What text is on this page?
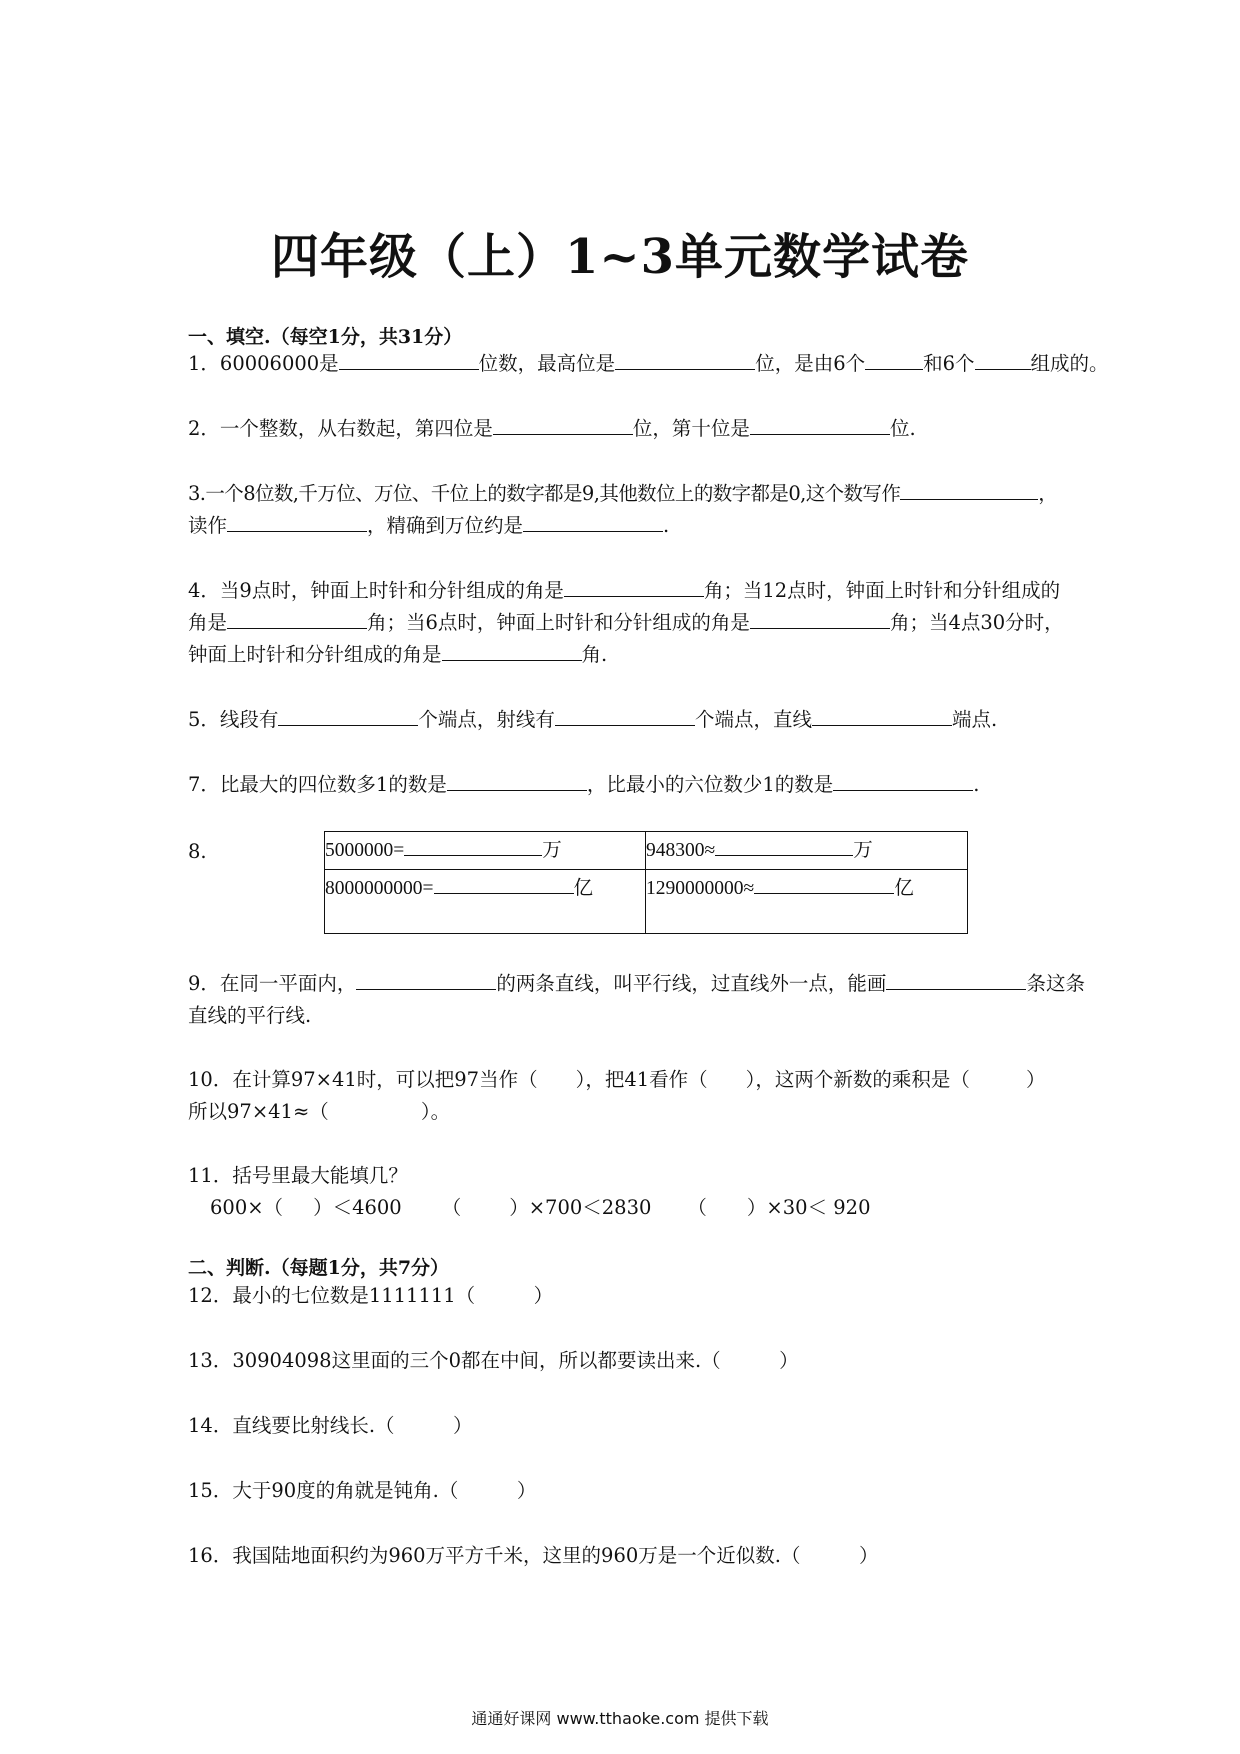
四年级（上）1~3单元数学试卷
一、填空.（每空1分，共31分）
1．60006000是	位数，最高位是	位，是由6个	和6个	组成的。
2．一个整数，从右数起，第四位是	位，第十位是	位.
3.一个8位数,千万位、万位、千位上的数字都是9,其他数位上的数字都是0,这个数写作	，
读作	，精确到万位约是	.
4．当9点时，钟面上时针和分针组成的角是	角；当12点时，钟面上时针和分针组成的
角是	角；当6点时，钟面上时针和分针组成的角是	角；当4点30分时，
钟面上时针和分针组成的角是	角.
5．线段有	个端点，射线有	个端点，直线	端点.
7．比最大的四位数多1的数是	，比最小的六位数少1的数是	.
8.	5000000= 万	948300≈ 万
8000000000= 亿	1290000000≈ 亿
9．在同一平面内，	的两条直线，叫平行线，过直线外一点，能画	条这条
直线的平行线.
10．在计算97×41时，可以把97当作（ ），把41看作（ ），这两个新数的乘积是（	）
所以97×41≈（	）。
11．括号里最大能填几？
600×（ ）＜4600 （ ）×700＜2830 （ ）×30＜ 920
二、判断.（每题1分，共7分）
12．最小的七位数是1111111（　　　）
13．30904098这里面的三个0都在中间，所以都要读出来.（　　　）
14．直线要比射线长.（　　　）
15．大于90度的角就是钝角.（　　　）
16．我国陆地面积约为960万平方千米，这里的960万是一个近似数.（　　　）
通通好课网 www.tthaoke.com 提供下载
